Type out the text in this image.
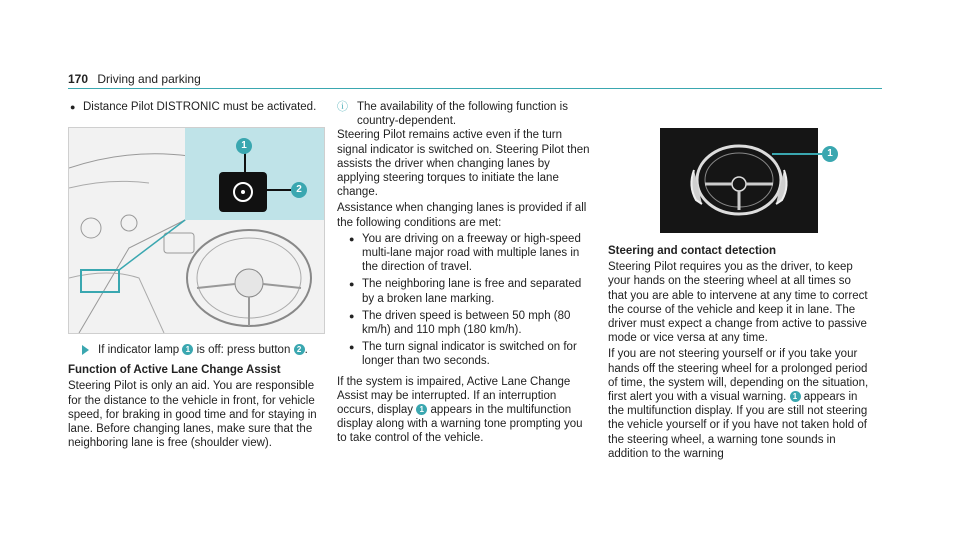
170 Driving and parking
● Distance Pilot DISTRONIC must be activated.
1
2
If indicator lamp 1 is off: press button 2 .

Function of Active Lane Change Assist

Steering Pilot is only an aid. You are responsible for the distance to the vehicle in front, for vehicle speed, for braking in good time and for staying in lane. Before changing lanes, make sure that the neighboring lane is free (shoulder view).

ⓘ The availability of the following function is country-dependent.

Steering Pilot remains active even if the turn signal indicator is switched on. Steering Pilot then assists the driver when changing lanes by applying steering torques to initiate the lane change.

Assistance when changing lanes is provided if all the following conditions are met:

● You are driving on a freeway or high-speed multi-lane major road with multiple lanes in the direction of travel.
● The neighboring lane is free and separated by a broken lane marking.
● The driven speed is between 50 mph (80 km/h) and 110 mph (180 km/h).
● The turn signal indicator is switched on for longer than two seconds.

If the system is impaired, Active Lane Change Assist may be interrupted. If an interruption occurs, display 1 appears in the multifunction display along with a warning tone prompting you to take control of the vehicle.

1

Steering and contact detection

Steering Pilot requires you as the driver, to keep your hands on the steering wheel at all times so that you are able to intervene at any time to correct the course of the vehicle and keep it in lane. The driver must expect a change from active to passive mode or vice versa at any time.

If you are not steering yourself or if you take your hands off the steering wheel for a prolonged period of time, the system will, depending on the situation, first alert you with a visual warning. 1 appears in the multifunction display. If you are still not steering the vehicle yourself or if you have not taken hold of the steering wheel, a warning tone sounds in addition to the warning
